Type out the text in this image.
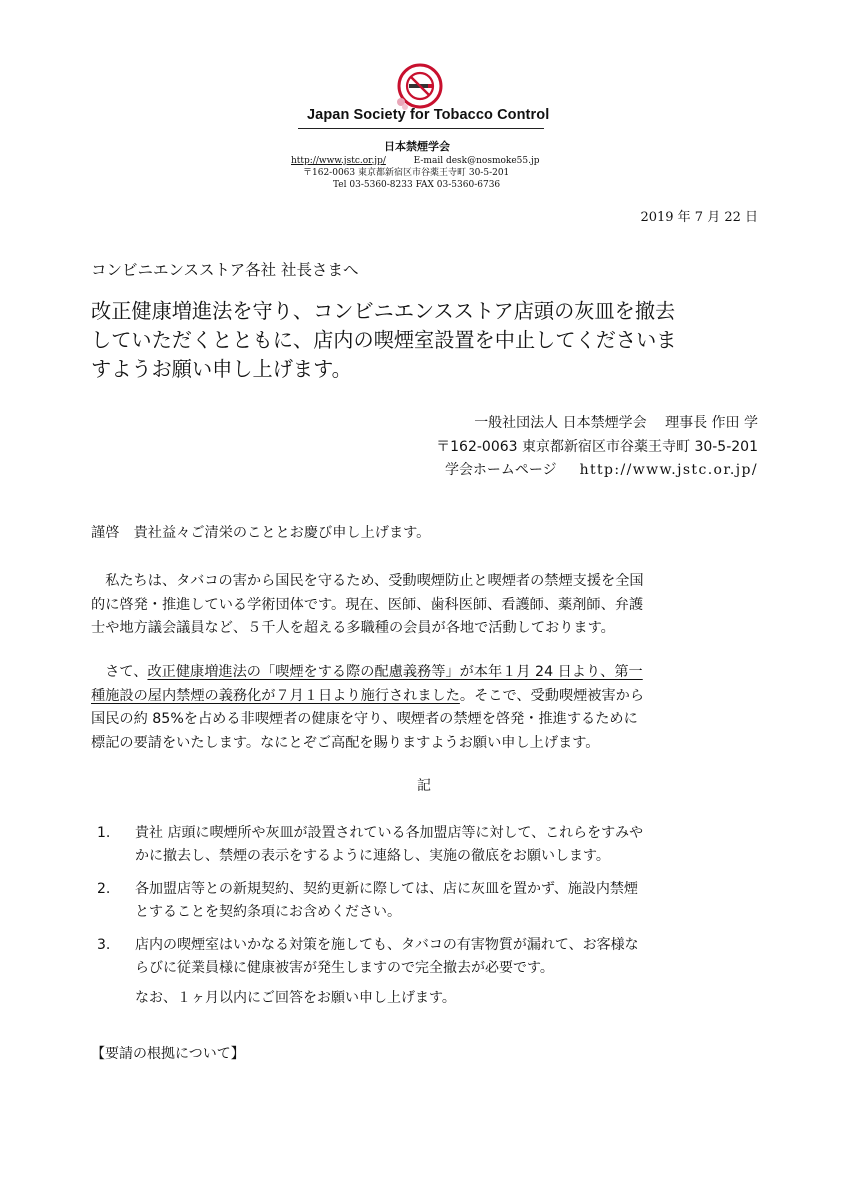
Japan Society for Tobacco Control
日本禁煙学会
http://www.jstc.or.jp/	E-mail desk@nosmoke55.jp
〒162-0063 東京都新宿区市谷薬王寺町 30-5-201
Tel 03-5360-8233 FAX 03-5360-6736
2019 年 7 月 22 日
コンビニエンスストア各社 社長さまへ
改正健康増進法を守り、コンビニエンスストア店頭の灰皿を撤去
していただくとともに、店内の喫煙室設置を中止してくださいま
すようお願い申し上げます。
一般社団法人 日本禁煙学会　 理事長 作田 学
〒162-0063 東京都新宿区市谷薬王寺町 30-5-201
学会ホームページ http://www.jstc.or.jp/
謹啓　貴社益々ご清栄のこととお慶び申し上げます。
　私たちは、タバコの害から国民を守るため、受動喫煙防止と喫煙者の禁煙支援を全国
的に啓発・推進している学術団体です。現在、医師、歯科医師、看護師、薬剤師、弁護
士や地方議会議員など、５千人を超える多職種の会員が各地で活動しております。
　さて、改正健康増進法の「喫煙をする際の配慮義務等」が本年１月 24 日より、第一
種施設の屋内禁煙の義務化が７月１日より施行されました。そこで、受動喫煙被害から
国民の約 85%を占める非喫煙者の健康を守り、喫煙者の禁煙を啓発・推進するために
標記の要請をいたします。なにとぞご高配を賜りますようお願い申し上げます。
記
1. 貴社 店頭に喫煙所や灰皿が設置されている各加盟店等に対して、これらをすみや
かに撤去し、禁煙の表示をするように連絡し、実施の徹底をお願いします。
2. 各加盟店等との新規契約、契約更新に際しては、店に灰皿を置かず、施設内禁煙
とすることを契約条項にお含めください。
3. 店内の喫煙室はいかなる対策を施しても、タバコの有害物質が漏れて、お客様な
らびに従業員様に健康被害が発生しますので完全撤去が必要です。
なお、１ヶ月以内にご回答をお願い申し上げます。
【要請の根拠について】
